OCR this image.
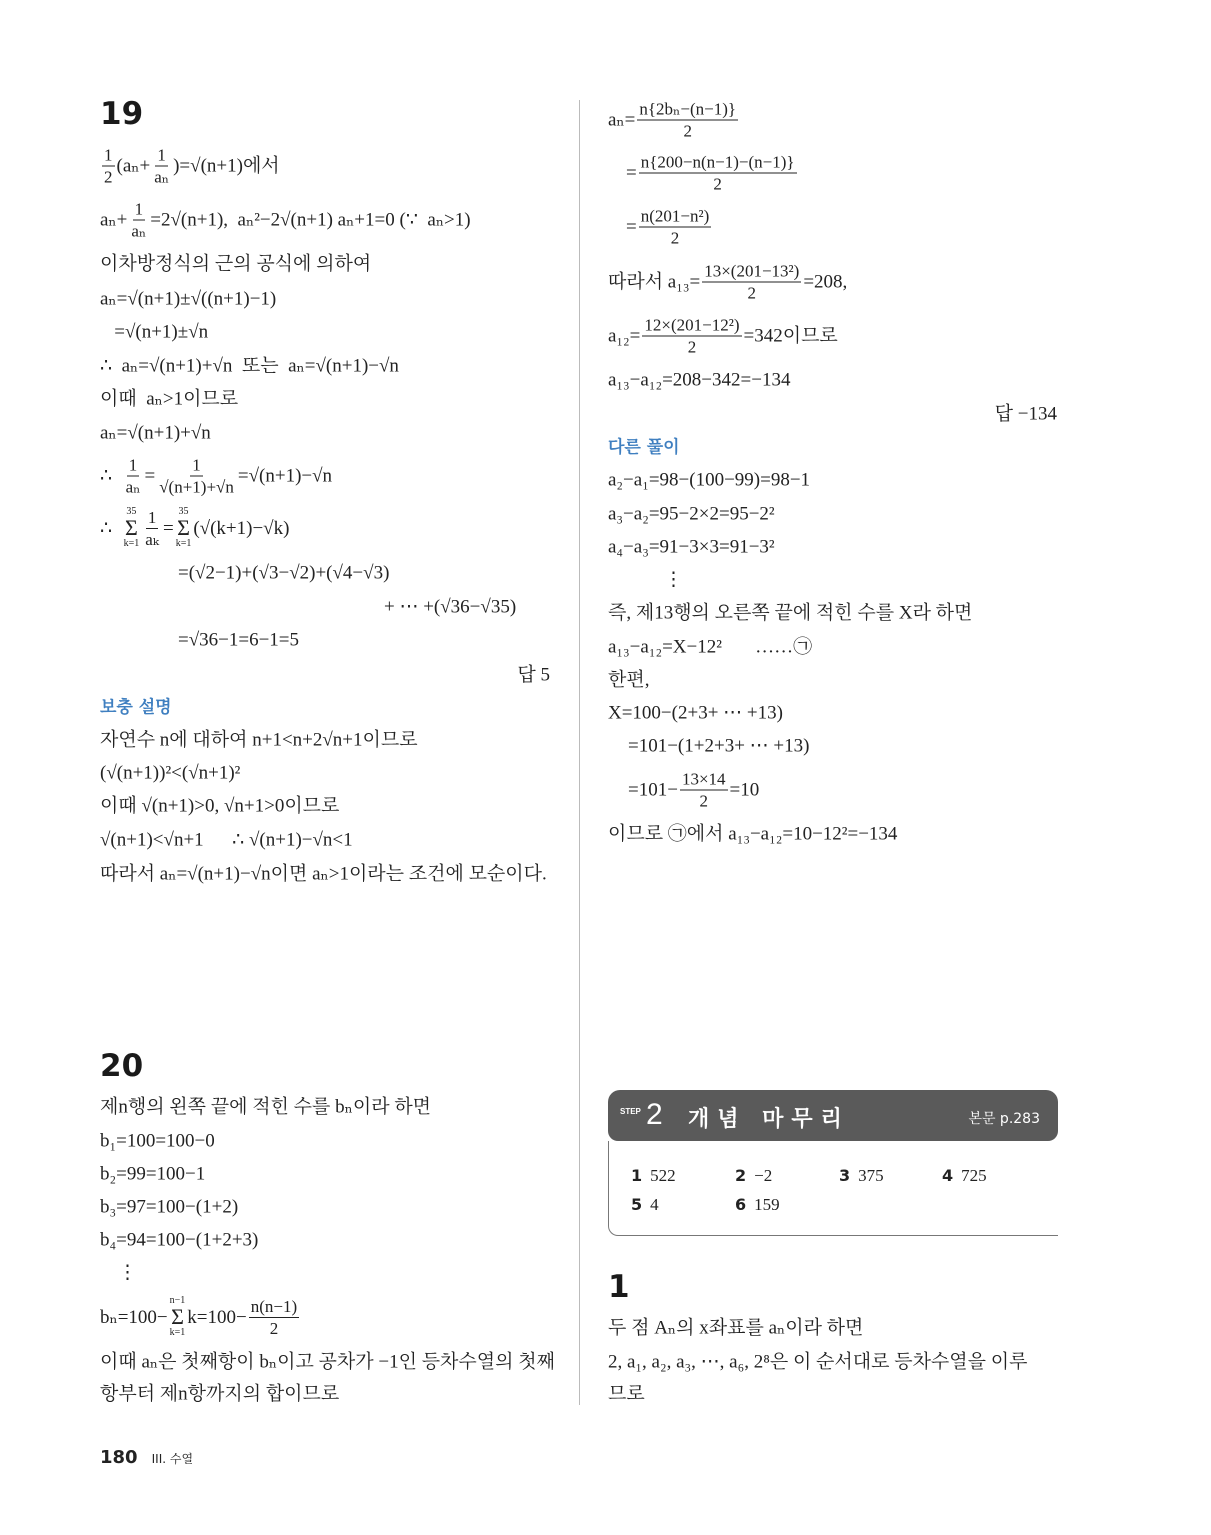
19
$\frac{1}{2} (a_n+ \frac{1}{\text{aₙ}} )=√(n+1)$에서
$a_n+ \frac{1}{\text{aₙ}} =2√(n+1)$,  aₙ²−2√(n+1) aₙ+1=0 (∵  aₙ>1)
이차방정식의 근의 공식에 의하여
aₙ=√(n+1)±√((n+1)−1)
=√(n+1)±√n
∴  aₙ=√(n+1)+√n  또는  aₙ=√(n+1)−√n
이때  aₙ>1이므로
aₙ=√(n+1)+√n
∴ $\frac{1}{\text{aₙ}} = \frac{1}{√(n+1)+√n} =√(n+1)-√n$
∴
35
Σ
$k=1 \frac{1}{\text{aₖ}}$ =
35
Σ
k=1
(√(k+1)−√k)
=(√2−1)+(√3−√2)+(√4−√3)
+ ⋯ +(√36−√35)
=√36−1=6−1=5
답 5
보충 설명
자연수 n에 대하여 n+1<n+2√n+1이므로
(√(n+1))²<(√n+1)²
이때 √(n+1)>0, √n+1>0이므로
√(n+1)<√n+1      ∴ √(n+1)−√n<1
따라서 aₙ=√(n+1)−√n이면 aₙ>1이라는 조건에 모순이다.
20
제n행의 왼쪽 끝에 적힌 수를 bₙ이라 하면
b₁=100=100−0
b₂=99=100−1
b₃=97=100−(1+2)
b₄=94=100−(1+2+3)
⋮
bₙ=100−
n−1
Σ
k=1
$k=100- \frac{n(n-1)}{2}$
이때 aₙ은 첫째항이 bₙ이고 공차가 −1인 등차수열의 첫째
항부터 제n항까지의 합이므로
$a_n= \frac{\text{n\{2bₙ−(n−1)\}}}{2}$
= $\frac{n\{200-n(n-1)-(n-1)\}}{2}$
= $\frac{\text{n(201−n²)}}{2}$
따라서 $a_{13}= \frac{\text{13×(201−13²)}}{2} =208$,
$a_{12}= \frac{\text{12×(201−12²)}}{2} =342$이므로
a₁₃−a₁₂=208−342=−134
답 −134
다른 풀이
a₂−a₁=98−(100−99)=98−1
a₃−a₂=95−2×2=95−2²
a₄−a₃=91−3×3=91−3²
⋮
즉, 제13행의 오른쪽 끝에 적힌 수를 X라 하면
a₁₃−a₁₂=X−12²       ……㉠
한편,
X=100−(2+3+ ⋯ +13)
=101−(1+2+3+ ⋯ +13)
$=101- \frac{13\times 14}{2} =10$
이므로 ㉠에서 a₁₃−a₁₂=10−12²=−134
STEP 2 개념 마무리	본문 p.283
1 522	2 −2	3 375	4 725
5 4	6 159
1
두 점 Aₙ의 x좌표를 aₙ이라 하면
2, a₁, a₂, a₃, ⋯, a₆, 2⁸은 이 순서대로 등차수열을 이루
므로
180 III. 수열
